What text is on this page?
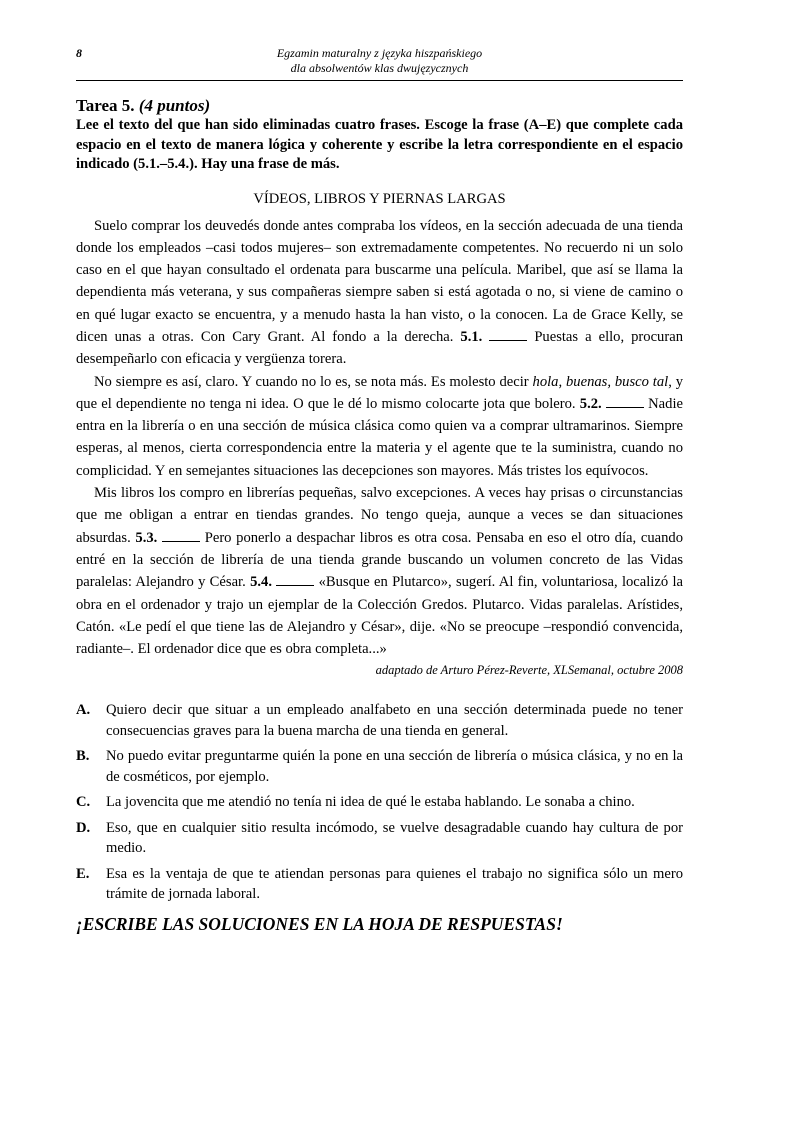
8	Egzamin maturalny z języka hiszpańskiego
dla absolwentów klas dwujęzycznych

Tarea 5. (4 puntos)

Lee el texto del que han sido eliminadas cuatro frases. Escoge la frase (A–E) que complete cada espacio en el texto de manera lógica y coherente y escribe la letra correspondiente en el espacio indicado (5.1.–5.4.). Hay una frase de más.

VÍDEOS, LIBROS Y PIERNAS LARGAS

Suelo comprar los deuvedés donde antes compraba los vídeos, en la sección adecuada de una tienda donde los empleados –casi todos mujeres– son extremadamente competentes. No recuerdo ni un solo caso en el que hayan consultado el ordenata para buscarme una película. Maribel, que así se llama la dependienta más veterana, y sus compañeras siempre saben si está agotada o no, si viene de camino o en qué lugar exacto se encuentra, y a menudo hasta la han visto, o la conocen. La de Grace Kelly, se dicen unas a otras. Con Cary Grant. Al fondo a la derecha. 5.1.	Puestas a ello, procuran desempeñarlo con eficacia y vergüenza torera.

No siempre es así, claro. Y cuando no lo es, se nota más. Es molesto decir hola, buenas, busco tal, y que el dependiente no tenga ni idea. O que le dé lo mismo colocarte jota que bolero. 5.2.	Nadie entra en la librería o en una sección de música clásica como quien va a comprar ultramarinos. Siempre esperas, al menos, cierta correspondencia entre la materia y el agente que te la suministra, cuando no complicidad. Y en semejantes situaciones las decepciones son mayores. Más tristes los equívocos.

Mis libros los compro en librerías pequeñas, salvo excepciones. A veces hay prisas o circunstancias que me obligan a entrar en tiendas grandes. No tengo queja, aunque a veces se dan situaciones absurdas. 5.3.	Pero ponerlo a despachar libros es otra cosa. Pensaba en eso el otro día, cuando entré en la sección de librería de una tienda grande buscando un volumen concreto de las Vidas paralelas: Alejandro y César. 5.4.	«Busque en Plutarco», sugerí. Al fin, voluntariosa, localizó la obra en el ordenador y trajo un ejemplar de la Colección Gredos. Plutarco. Vidas paralelas. Arístides, Catón. «Le pedí el que tiene las de Alejandro y César», dije. «No se preocupe –respondió convencida, radiante–. El ordenador dice que es obra completa...»

adaptado de Arturo Pérez-Reverte, XLSemanal, octubre 2008

A.	Quiero decir que situar a un empleado analfabeto en una sección determinada puede no tener consecuencias graves para la buena marcha de una tienda en general.
B.	No puedo evitar preguntarme quién la pone en una sección de librería o música clásica, y no en la de cosméticos, por ejemplo.
C.	La jovencita que me atendió no tenía ni idea de qué le estaba hablando. Le sonaba a chino.
D.	Eso, que en cualquier sitio resulta incómodo, se vuelve desagradable cuando hay cultura de por medio.
E.	Esa es la ventaja de que te atiendan personas para quienes el trabajo no significa sólo un mero trámite de jornada laboral.
¡ESCRIBE LAS SOLUCIONES EN LA HOJA DE RESPUESTAS!
